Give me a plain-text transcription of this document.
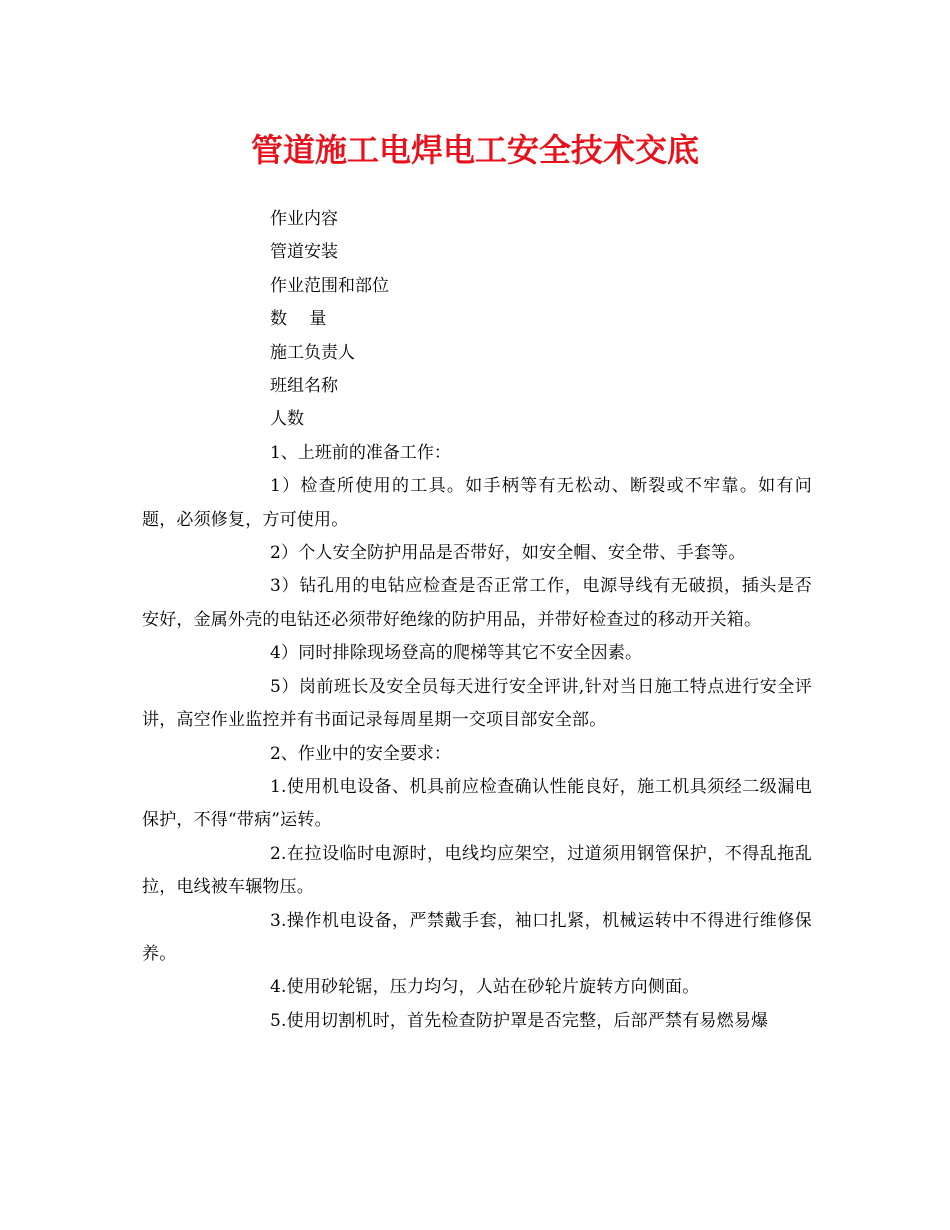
管道施工电焊电工安全技术交底

作业内容

管道安装

作业范围和部位

数　 量

施工负责人

班组名称

人数

1、上班前的准备工作：

1）检查所使用的工具。如手柄等有无松动、断裂或不牢靠。如有问题，必须修复，方可使用。

2）个人安全防护用品是否带好，如安全帽、安全带、手套等。

3）钻孔用的电钻应检查是否正常工作，电源导线有无破损，插头是否安好，金属外壳的电钻还必须带好绝缘的防护用品，并带好检查过的移动开关箱。

4）同时排除现场登高的爬梯等其它不安全因素。

5）岗前班长及安全员每天进行安全评讲,针对当日施工特点进行安全评讲，高空作业监控并有书面记录每周星期一交项目部安全部。

2、作业中的安全要求：

1.使用机电设备、机具前应检查确认性能良好，施工机具须经二级漏电保护，不得“带病”运转。

2.在拉设临时电源时，电线均应架空，过道须用钢管保护，不得乱拖乱拉，电线被车辗物压。

3.操作机电设备，严禁戴手套，袖口扎紧，机械运转中不得进行维修保养。

4.使用砂轮锯，压力均匀，人站在砂轮片旋转方向侧面。

5.使用切割机时，首先检查防护罩是否完整，后部严禁有易燃易爆
